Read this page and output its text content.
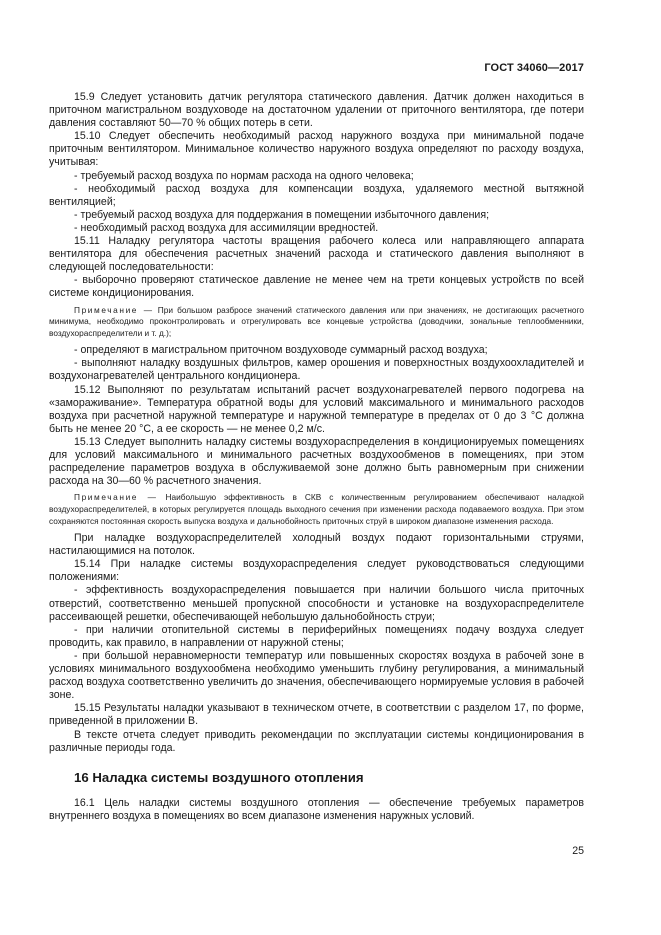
ГОСТ 34060—2017

15.9 Следует установить датчик регулятора статического давления. Датчик должен находиться в приточном магистральном воздуховоде на достаточном удалении от приточного вентилятора, где потери давления составляют 50—70 % общих потерь в сети.

15.10 Следует обеспечить необходимый расход наружного воздуха при минимальной подаче приточным вентилятором. Минимальное количество наружного воздуха определяют по расходу воздуха, учитывая:

- требуемый расход воздуха по нормам расхода на одного человека;

- необходимый расход воздуха для компенсации воздуха, удаляемого местной вытяжной вентиляцией;

- требуемый расход воздуха для поддержания в помещении избыточного давления;

- необходимый расход воздуха для ассимиляции вредностей.

15.11 Наладку регулятора частоты вращения рабочего колеса или направляющего аппарата вентилятора для обеспечения расчетных значений расхода и статического давления выполняют в следующей последовательности:

- выборочно проверяют статическое давление не менее чем на трети концевых устройств по всей системе кондиционирования.

Примечание — При большом разбросе значений статического давления или при значениях, не достигающих расчетного минимума, необходимо проконтролировать и отрегулировать все концевые устройства (доводчики, зональные теплообменники, воздухораспределители и т. д.);

- определяют в магистральном приточном воздуховоде суммарный расход воздуха;

- выполняют наладку воздушных фильтров, камер орошения и поверхностных воздухоохладителей и воздухонагревателей центрального кондиционера.

15.12 Выполняют по результатам испытаний расчет воздухонагревателей первого подогрева на «замораживание». Температура обратной воды для условий максимального и минимального расходов воздуха при расчетной наружной температуре и наружной температуре в пределах от 0 до 3 °С должна быть не менее 20 °С, а ее скорость — не менее 0,2 м/с.

15.13 Следует выполнить наладку системы воздухораспределения в кондиционируемых помещениях для условий максимального и минимального расчетных воздухообменов в помещениях, при этом распределение параметров воздуха в обслуживаемой зоне должно быть равномерным при снижении расхода на 30—60 % расчетного значения.

Примечание — Наибольшую эффективность в СКВ с количественным регулированием обеспечивают наладкой воздухораспределителей, в которых регулируется площадь выходного сечения при изменении расхода подаваемого воздуха. При этом сохраняются постоянная скорость выпуска воздуха и дальнобойность приточных струй в широком диапазоне изменения расхода.

При наладке воздухораспределителей холодный воздух подают горизонтальными струями, настилающимися на потолок.

15.14 При наладке системы воздухораспределения следует руководствоваться следующими положениями:

- эффективность воздухораспределения повышается при наличии большого числа приточных отверстий, соответственно меньшей пропускной способности и установке на воздухораспределителе рассеивающей решетки, обеспечивающей небольшую дальнобойность струи;

- при наличии отопительной системы в периферийных помещениях подачу воздуха следует проводить, как правило, в направлении от наружной стены;

- при большой неравномерности температур или повышенных скоростях воздуха в рабочей зоне в условиях минимального воздухообмена необходимо уменьшить глубину регулирования, а минимальный расход воздуха соответственно увеличить до значения, обеспечивающего нормируемые условия в рабочей зоне.

15.15 Результаты наладки указывают в техническом отчете, в соответствии с разделом 17, по форме, приведенной в приложении В.

В тексте отчета следует приводить рекомендации по эксплуатации системы кондиционирования в различные периоды года.

16 Наладка системы воздушного отопления

16.1 Цель наладки системы воздушного отопления — обеспечение требуемых параметров внутреннего воздуха в помещениях во всем диапазоне изменения наружных условий.

25
